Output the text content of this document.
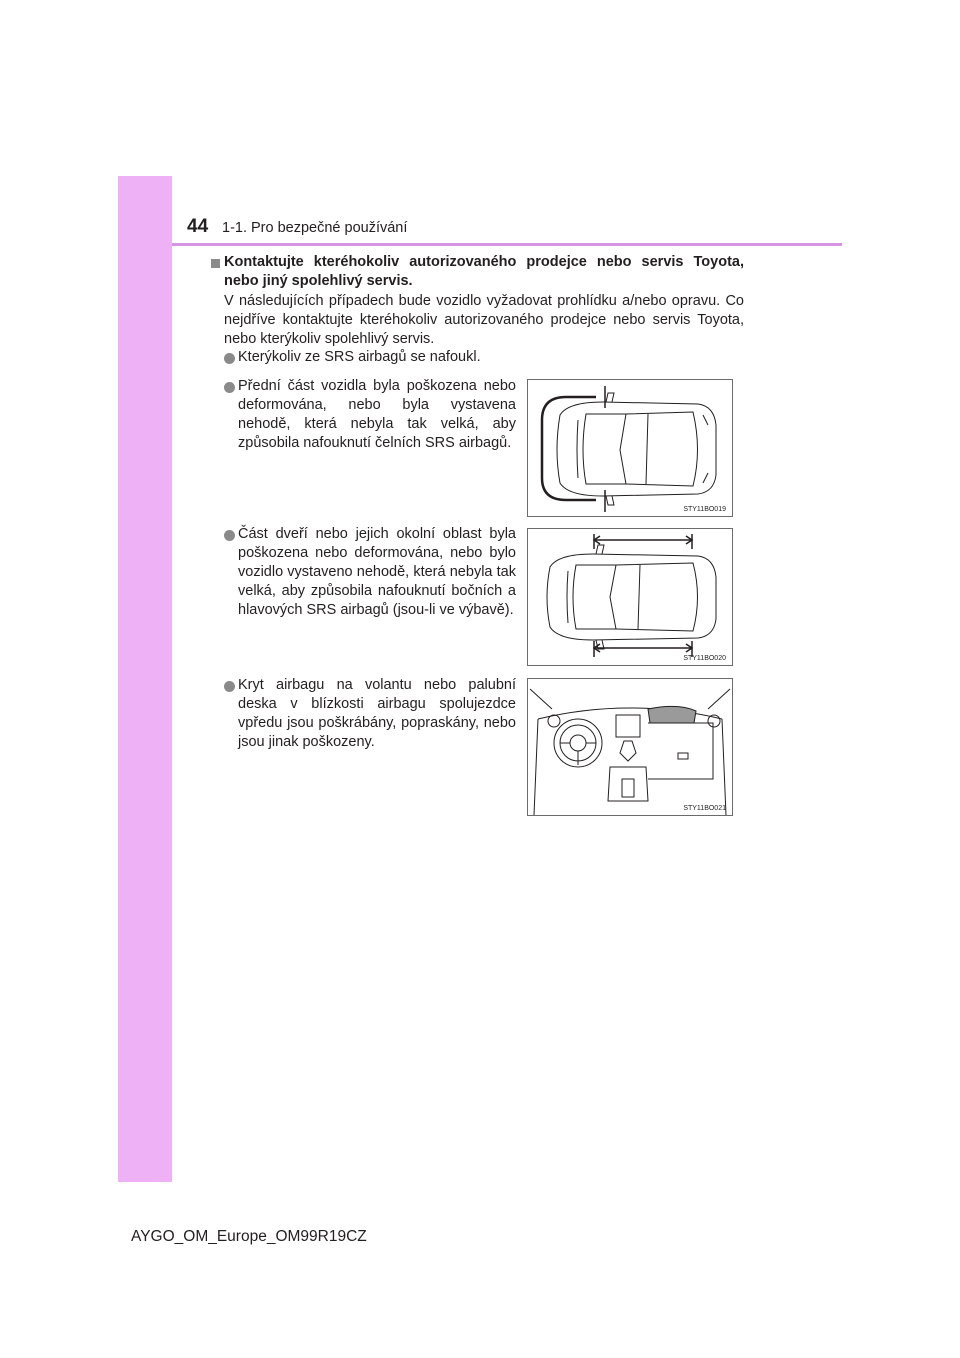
44 1-1. Pro bezpečné používání
Kontaktujte kteréhokoliv autorizovaného prodejce nebo servis Toyota, nebo jiný spolehlivý servis.
V následujících případech bude vozidlo vyžadovat prohlídku a/nebo opravu. Co nejdříve kontaktujte kteréhokoliv autorizovaného prodejce nebo servis Toyota, nebo kterýkoliv spolehlivý servis.
Kterýkoliv ze SRS airbagů se nafoukl.
Přední část vozidla byla poškozena nebo deformována, nebo byla vystavena nehodě, která nebyla tak velká, aby způsobila nafouknutí čelních SRS airbagů.
Část dveří nebo jejich okolní oblast byla poškozena nebo deformována, nebo bylo vozidlo vystaveno nehodě, která nebyla tak velká, aby způsobila nafouknutí bočních a hlavových SRS airbagů (jsou-li ve výbavě).
Kryt airbagu na volantu nebo palubní deska v blízkosti airbagu spolujezdce vpředu jsou poškrábány, popraskány, nebo jsou jinak poškozeny.
STY11BO019
STY11BO020
STY11BO021
AYGO_OM_Europe_OM99R19CZ
